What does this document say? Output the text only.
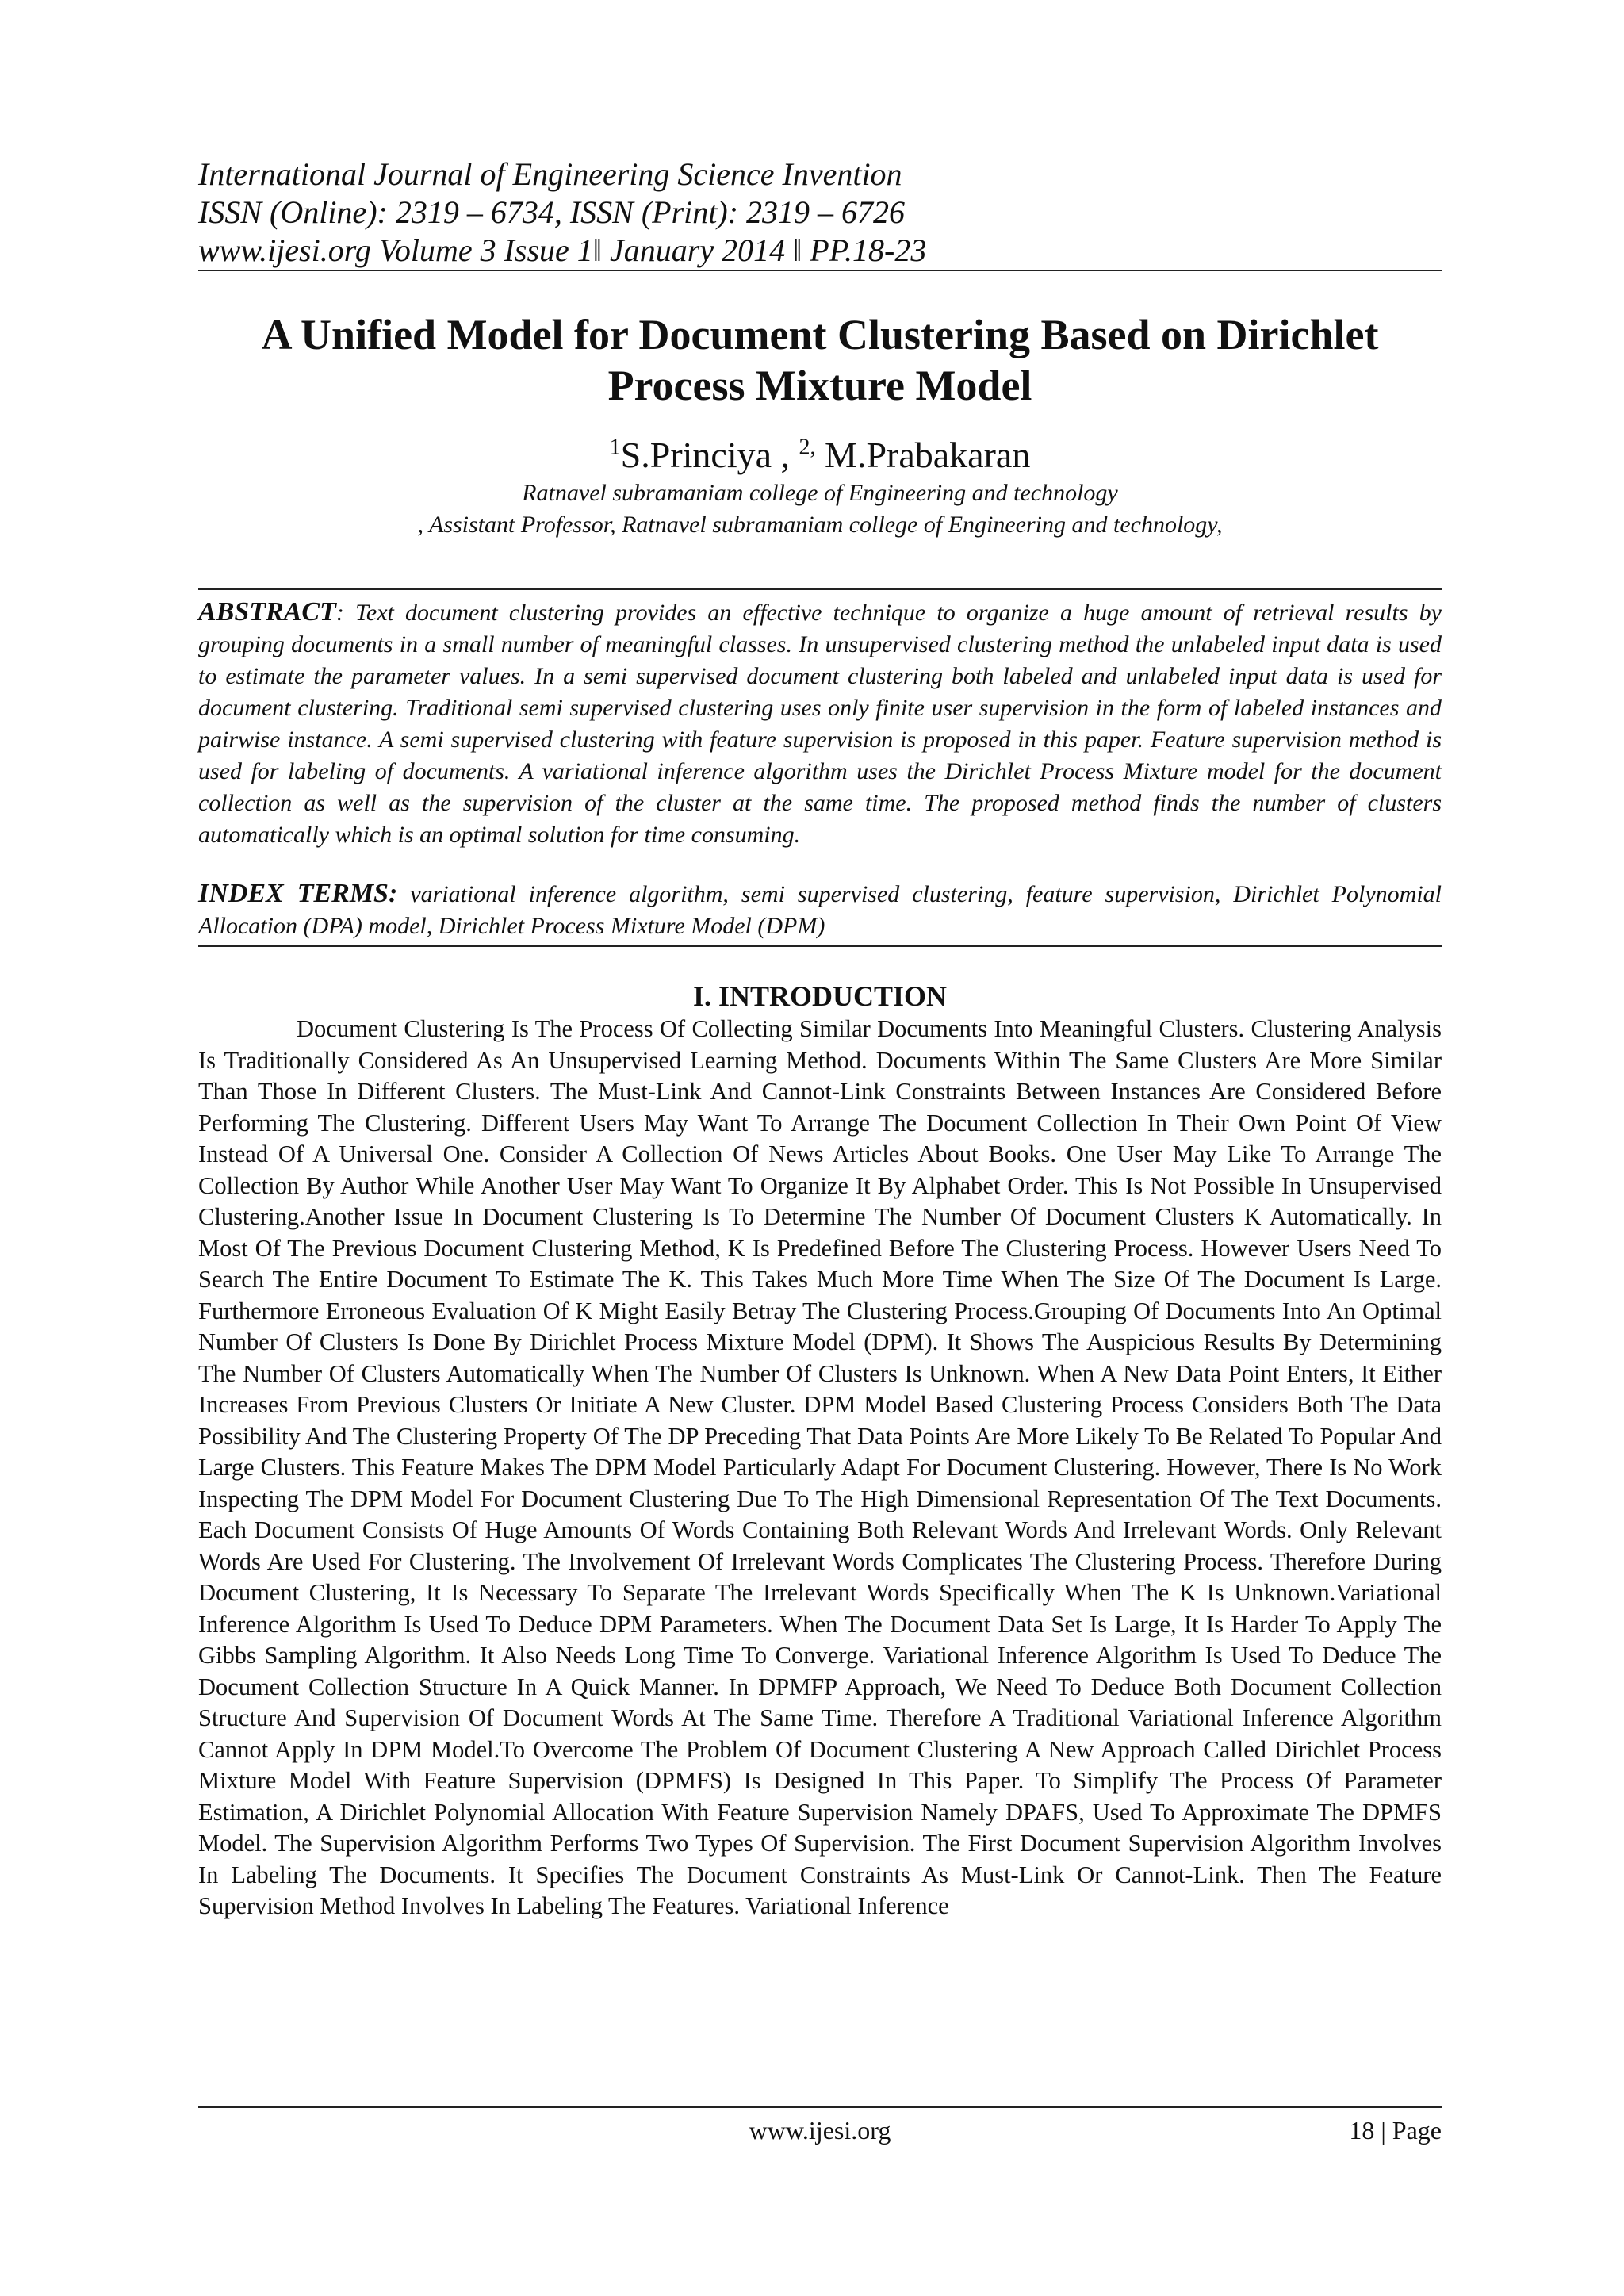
International Journal of Engineering Science Invention
ISSN (Online): 2319 – 6734, ISSN (Print): 2319 – 6726
www.ijesi.org Volume 3 Issue 1ǁ January 2014 ǁ PP.18-23
A Unified Model for Document Clustering Based on Dirichlet Process Mixture Model
$^1$S.Princiya , $^{2,}$ M.Prabakaran
Ratnavel subramaniam college of Engineering and technology
, Assistant Professor, Ratnavel subramaniam college of Engineering and technology,
ABSTRACT: Text document clustering provides an effective technique to organize a huge amount of retrieval results by grouping documents in a small number of meaningful classes. In unsupervised clustering method the unlabeled input data is used to estimate the parameter values. In a semi supervised document clustering both labeled and unlabeled input data is used for document clustering. Traditional semi supervised clustering uses only finite user supervision in the form of labeled instances and pairwise instance. A semi supervised clustering with feature supervision is proposed in this paper. Feature supervision method is used for labeling of documents. A variational inference algorithm uses the Dirichlet Process Mixture model for the document collection as well as the supervision of the cluster at the same time. The proposed method finds the number of clusters automatically which is an optimal solution for time consuming.
INDEX TERMS: variational inference algorithm, semi supervised clustering, feature supervision, Dirichlet Polynomial Allocation (DPA) model, Dirichlet Process Mixture Model (DPM)
I. INTRODUCTION
Document Clustering Is The Process Of Collecting Similar Documents Into Meaningful Clusters. Clustering Analysis Is Traditionally Considered As An Unsupervised Learning Method. Documents Within The Same Clusters Are More Similar Than Those In Different Clusters. The Must-Link And Cannot-Link Constraints Between Instances Are Considered Before Performing The Clustering. Different Users May Want To Arrange The Document Collection In Their Own Point Of View Instead Of A Universal One. Consider A Collection Of News Articles About Books. One User May Like To Arrange The Collection By Author While Another User May Want To Organize It By Alphabet Order. This Is Not Possible In Unsupervised Clustering.Another Issue In Document Clustering Is To Determine The Number Of Document Clusters K Automatically. In Most Of The Previous Document Clustering Method, K Is Predefined Before The Clustering Process. However Users Need To Search The Entire Document To Estimate The K. This Takes Much More Time When The Size Of The Document Is Large. Furthermore Erroneous Evaluation Of K Might Easily Betray The Clustering Process.Grouping Of Documents Into An Optimal Number Of Clusters Is Done By Dirichlet Process Mixture Model (DPM). It Shows The Auspicious Results By Determining The Number Of Clusters Automatically When The Number Of Clusters Is Unknown. When A New Data Point Enters, It Either Increases From Previous Clusters Or Initiate A New Cluster. DPM Model Based Clustering Process Considers Both The Data Possibility And The Clustering Property Of The DP Preceding That Data Points Are More Likely To Be Related To Popular And Large Clusters. This Feature Makes The DPM Model Particularly Adapt For Document Clustering. However, There Is No Work Inspecting The DPM Model For Document Clustering Due To The High Dimensional Representation Of The Text Documents. Each Document Consists Of Huge Amounts Of Words Containing Both Relevant Words And Irrelevant Words. Only Relevant Words Are Used For Clustering. The Involvement Of Irrelevant Words Complicates The Clustering Process. Therefore During Document Clustering, It Is Necessary To Separate The Irrelevant Words Specifically When The K Is Unknown.Variational Inference Algorithm Is Used To Deduce DPM Parameters. When The Document Data Set Is Large, It Is Harder To Apply The Gibbs Sampling Algorithm. It Also Needs Long Time To Converge. Variational Inference Algorithm Is Used To Deduce The Document Collection Structure In A Quick Manner. In DPMFP Approach, We Need To Deduce Both Document Collection Structure And Supervision Of Document Words At The Same Time. Therefore A Traditional Variational Inference Algorithm Cannot Apply In DPM Model.To Overcome The Problem Of Document Clustering A New Approach Called Dirichlet Process Mixture Model With Feature Supervision (DPMFS) Is Designed In This Paper. To Simplify The Process Of Parameter Estimation, A Dirichlet Polynomial Allocation With Feature Supervision Namely DPAFS, Used To Approximate The DPMFS Model. The Supervision Algorithm Performs Two Types Of Supervision. The First Document Supervision Algorithm Involves In Labeling The Documents. It Specifies The Document Constraints As Must-Link Or Cannot-Link. Then The Feature Supervision Method Involves In Labeling The Features. Variational Inference
www.ijesi.org	18 | Page
